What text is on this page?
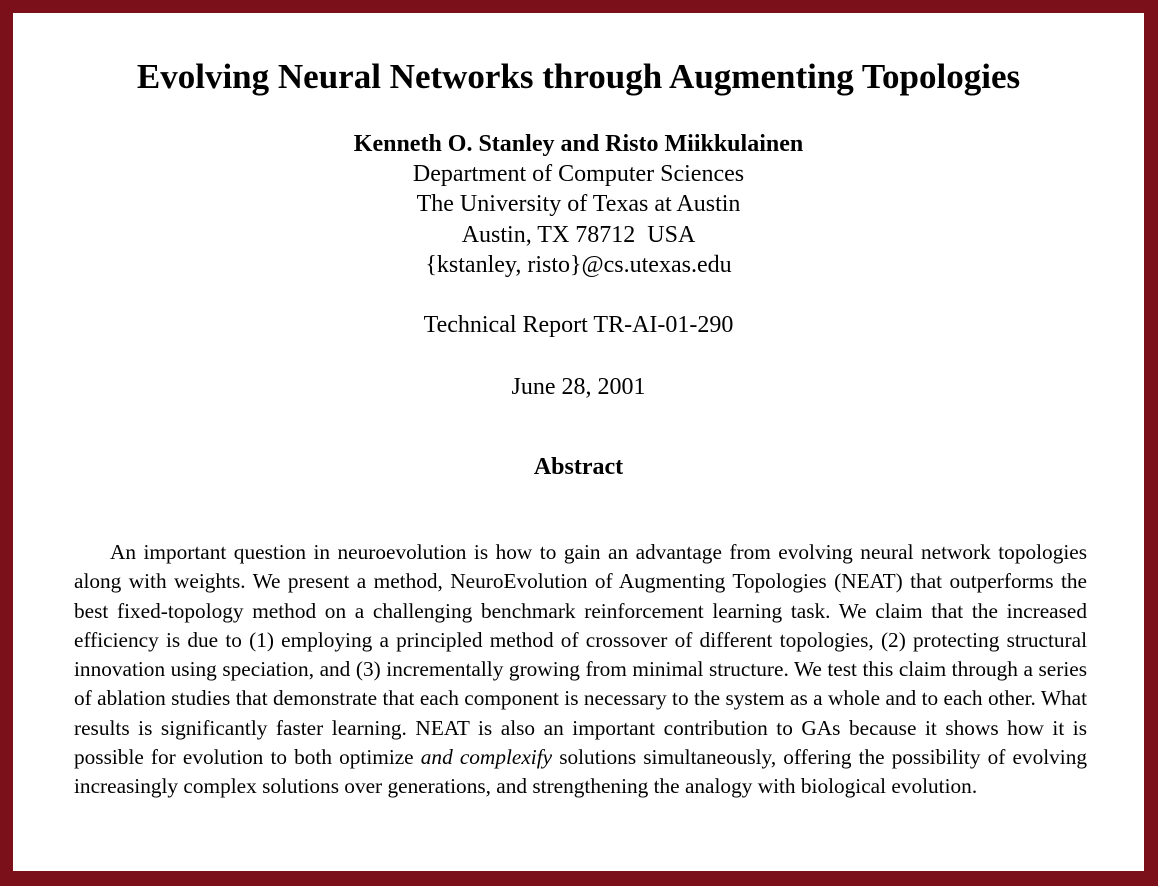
Evolving Neural Networks through Augmenting Topologies
Kenneth O. Stanley and Risto Miikkulainen
Department of Computer Sciences
The University of Texas at Austin
Austin, TX 78712  USA
{kstanley, risto}@cs.utexas.edu
Technical Report TR-AI-01-290
June 28, 2001
Abstract

An important question in neuroevolution is how to gain an advantage from evolving neural network topologies along with weights. We present a method, NeuroEvolution of Augmenting Topologies (NEAT) that outperforms the best fixed-topology method on a challenging benchmark reinforcement learning task. We claim that the increased efficiency is due to (1) employing a principled method of crossover of different topologies, (2) protecting structural innovation using speciation, and (3) incrementally growing from minimal structure. We test this claim through a series of ablation studies that demonstrate that each component is necessary to the system as a whole and to each other. What results is significantly faster learning. NEAT is also an important contribution to GAs because it shows how it is possible for evolution to both optimize and complexify solutions simultaneously, offering the possibility of evolving increasingly complex solutions over generations, and strengthening the analogy with biological evolution.
